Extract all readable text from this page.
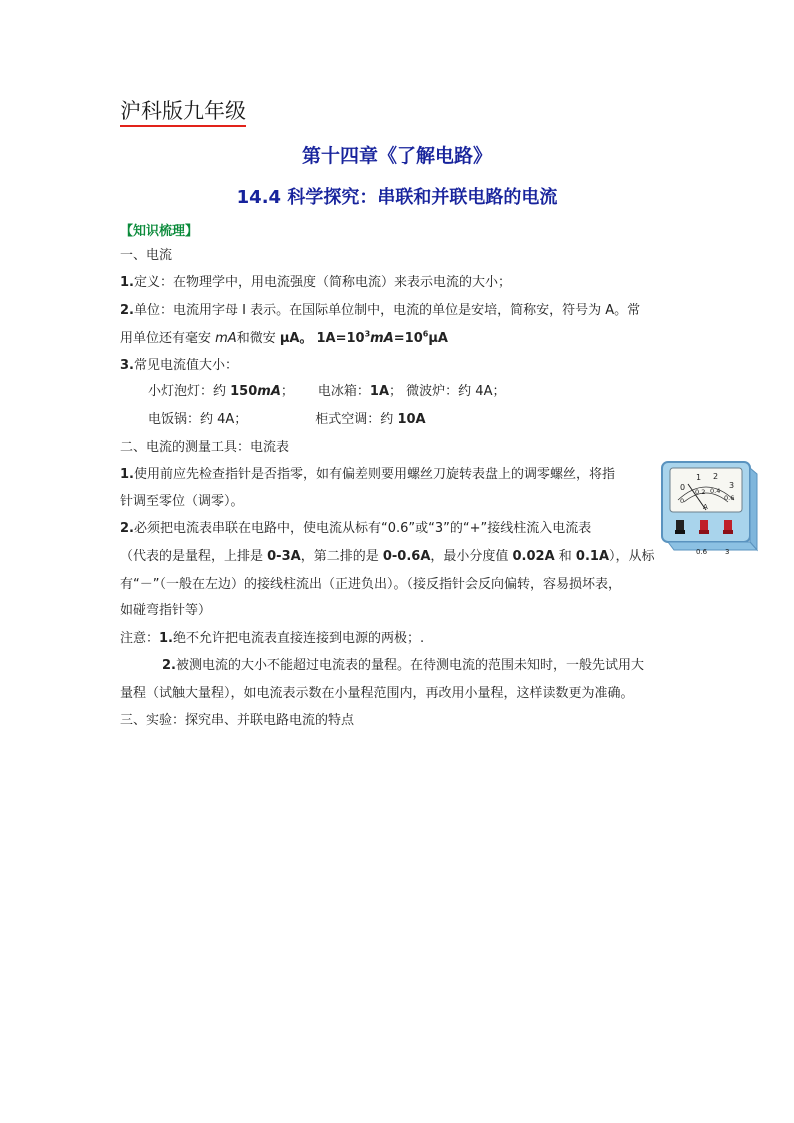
沪科版九年级
第十四章《了解电路》
14.4 科学探究：串联和并联电路的电流
【知识梳理】
一、电流
1.定义：在物理学中，用电流强度（简称电流）来表示电流的大小；
2.单位：电流用字母 I 表示。在国际单位制中，电流的单位是安培，简称安，符号为 A。常
用单位还有毫安 mA和微安 μA。 $1A=10^3mA=10^6\mu A$
3.常见电流值大小：
小灯泡灯：约 150mA； 电冰箱：1A； 微波炉：约 4A；
电饭锅：约 4A；	柜式空调：约 10A
二、电流的测量工具：电流表
1.使用前应先检查指针是否指零，如有偏差则要用螺丝刀旋转表盘上的调零螺丝，将指
针调至零位（调零）。
2.必须把电流表串联在电路中，使电流从标有“0.6”或“3”的“+”接线柱流入电流表
（代表的是量程，上排是 0-3A，第二排的是 0-0.6A，最小分度值 0.02A 和 0.1A），从标
有“－”（一般在左边）的接线柱流出（正进负出）。（接反指针会反向偏转，容易损坏表，
如碰弯指针等）
注意：1.绝不允许把电流表直接连接到电源的两极；.
2.被测电流的大小不能超过电流表的量程。在待测电流的范围未知时，一般先试用大
量程（试触大量程），如电流表示数在小量程范围内，再改用小量程，这样读数更为准确。
三、实验：探究串、并联电路电流的特点
0
1 2
3
0
0.2 0.4
0.6
A
0.6	3
